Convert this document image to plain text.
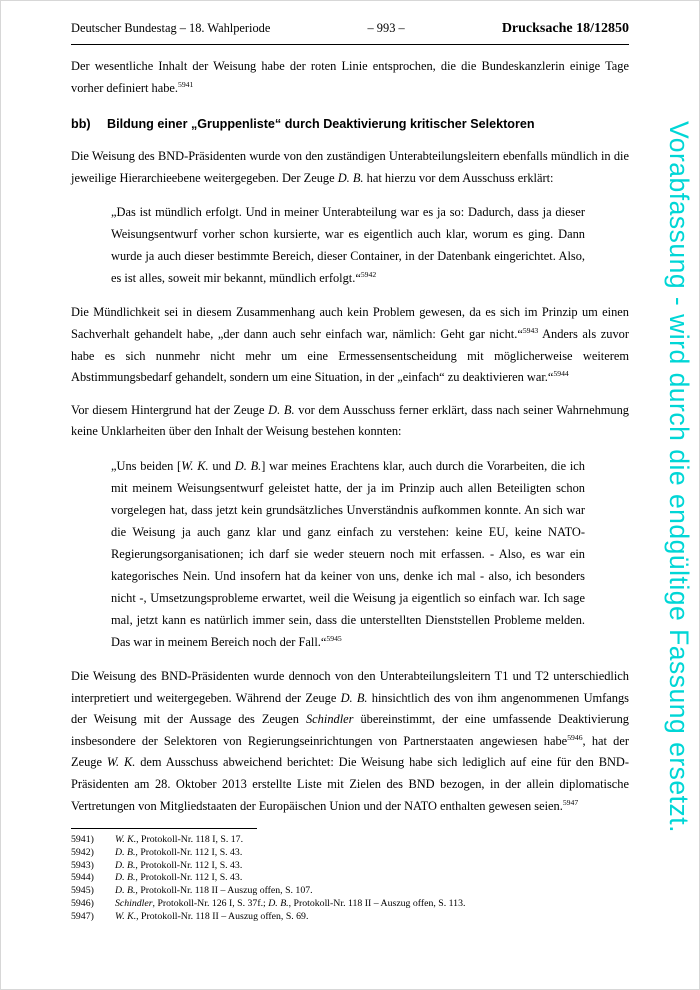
Deutscher Bundestag – 18. Wahlperiode	– 993 –	Drucksache 18/12850
Der wesentliche Inhalt der Weisung habe der roten Linie entsprochen, die die Bundeskanzlerin einige Tage vorher definiert habe.$^{5941}$
bb) Bildung einer „Gruppenliste“ durch Deaktivierung kritischer Selektoren
Die Weisung des BND-Präsidenten wurde von den zuständigen Unterabteilungsleitern ebenfalls mündlich in die jeweilige Hierarchieebene weitergegeben. Der Zeuge D. B. hat hierzu vor dem Ausschuss erklärt:
„Das ist mündlich erfolgt. Und in meiner Unterabteilung war es ja so: Dadurch, dass ja dieser Weisungsentwurf vorher schon kursierte, war es eigentlich auch klar, worum es ging. Dann wurde ja auch dieser bestimmte Bereich, dieser Container, in der Datenbank eingerichtet. Also, es ist alles, soweit mir bekannt, mündlich erfolgt.“$^{5942}$
Die Mündlichkeit sei in diesem Zusammenhang auch kein Problem gewesen, da es sich im Prinzip um einen Sachverhalt gehandelt habe, „der dann auch sehr einfach war, nämlich: Geht gar nicht.“$^{5943}$ Anders als zuvor habe es sich nunmehr nicht mehr um eine Ermessensentscheidung mit möglicherweise weiterem Abstimmungsbedarf gehandelt, sondern um eine Situation, in der „einfach“ zu deaktivieren war.“$^{5944}$
Vor diesem Hintergrund hat der Zeuge D. B. vor dem Ausschuss ferner erklärt, dass nach seiner Wahrnehmung keine Unklarheiten über den Inhalt der Weisung bestehen konnten:
„Uns beiden [W. K. und D. B.] war meines Erachtens klar, auch durch die Vorarbeiten, die ich mit meinem Weisungsentwurf geleistet hatte, der ja im Prinzip auch allen Beteiligten schon vorgelegen hat, dass jetzt kein grundsätzliches Unverständnis aufkommen konnte. An sich war die Weisung ja auch ganz klar und ganz einfach zu verstehen: keine EU, keine NATO-Regierungsorganisationen; ich darf sie weder steuern noch mit erfassen. - Also, es war ein kategorisches Nein. Und insofern hat da keiner von uns, denke ich mal - also, ich besonders nicht -, Umsetzungsprobleme erwartet, weil die Weisung ja eigentlich so einfach war. Ich sage mal, jetzt kann es natürlich immer sein, dass die unterstellten Dienststellen Probleme melden. Das war in meinem Bereich noch der Fall.“$^{5945}$
Die Weisung des BND-Präsidenten wurde dennoch von den Unterabteilungsleitern T1 und T2 unterschiedlich interpretiert und weitergegeben. Während der Zeuge D. B. hinsichtlich des von ihm angenommenen Umfangs der Weisung mit der Aussage des Zeugen Schindler übereinstimmt, der eine umfassende Deaktivierung insbesondere der Selektoren von Regierungseinrichtungen von Partnerstaaten angewiesen habe$^{5946}$, hat der Zeuge W. K. dem Ausschuss abweichend berichtet: Die Weisung habe sich lediglich auf eine für den BND-Präsidenten am 28. Oktober 2013 erstellte Liste mit Zielen des BND bezogen, in der allein diplomatische Vertretungen von Mitgliedstaaten der Europäischen Union und der NATO enthalten gewesen seien.$^{5947}$
5941)	W. K., Protokoll-Nr. 118 I, S. 17.
5942)	D. B., Protokoll-Nr. 112 I, S. 43.
5943)	D. B., Protokoll-Nr. 112 I, S. 43.
5944)	D. B., Protokoll-Nr. 112 I, S. 43.
5945)	D. B., Protokoll-Nr. 118 II – Auszug offen, S. 107.
5946)	Schindler, Protokoll-Nr. 126 I, S. 37f.; D. B., Protokoll-Nr. 118 II – Auszug offen, S. 113.
5947)	W. K., Protokoll-Nr. 118 II – Auszug offen, S. 69.
Vorabfassung - wird durch die endgültige Fassung ersetzt.
